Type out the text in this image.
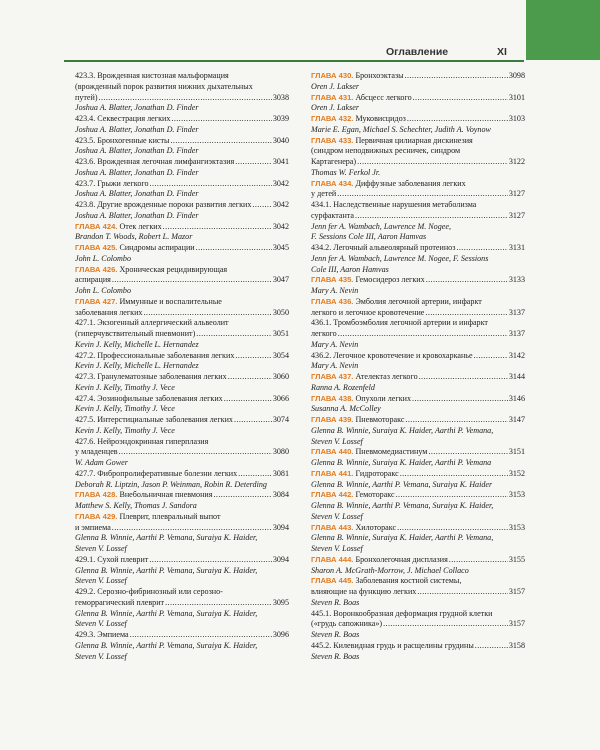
Оглавление	XI
423.3. Врожденная кистозная мальформация
(врожденный порок развития нижних дыхательных
путей) .....	3038
Joshua A. Blatter, Jonathan D. Finder
423.4. Секвестрация легких .....	3039
Joshua A. Blatter, Jonathan D. Finder
423.5. Бронхогенные кисты .....	3040
Joshua A. Blatter, Jonathan D. Finder
423.6. Врожденная легочная лимфангиэктазия .....	3041
Joshua A. Blatter, Jonathan D. Finder
423.7. Грыжи легкого .....	3042
Joshua A. Blatter, Jonathan D. Finder
423.8. Другие врожденные пороки развития легких .....	3042
Joshua A. Blatter, Jonathan D. Finder
ГЛАВА 424. Отек легких .....	3042
Brandon T. Woods, Robert L. Mazor
ГЛАВА 425. Синдромы аспирации .....	3045
John L. Colombo
ГЛАВА 426. Хроническая рецидивирующая
аспирация .....	3047
John L. Colombo
ГЛАВА 427. Иммунные и воспалительные
заболевания легких .....	3050
427.1. Экзогенный аллергический альвеолит
(гиперчувствительный пневмонит) .....	3051
Kevin J. Kelly, Michelle L. Hernandez
427.2. Профессиональные заболевания легких .....	3054
Kevin J. Kelly, Michelle L. Hernandez
427.3. Гранулематозные заболевания легких .....	3060
Kevin J. Kelly, Timothy J. Vece
427.4. Эозинофильные заболевания легких .....	3066
Kevin J. Kelly, Timothy J. Vece
427.5. Интерстициальные заболевания легких .....	3074
Kevin J. Kelly, Timothy J. Vece
427.6. Нейроэндокринная гиперплазия
у младенцев .....	3080
W. Adam Gower
427.7. Фибропролиферативные болезни легких .....	3081
Deborah R. Liptzin, Jason P. Weinman, Robin R. Deterding
ГЛАВА 428. Внебольничная пневмония .....	3084
Matthew S. Kelly, Thomas J. Sandora
ГЛАВА 429. Плеврит, плевральный выпот
и эмпиема .....	3094
Glenna B. Winnie, Aarthi P. Vemana, Suraiya K. Haider,
Steven V. Lossef
429.1. Сухой плеврит .....	3094
Glenna B. Winnie, Aarthi P. Vemana, Suraiya K. Haider,
Steven V. Lossef
429.2. Серозно-фибринозный или серозно-
геморрагический плеврит .....	3095
Glenna B. Winnie, Aarthi P. Vemana, Suraiya K. Haider,
Steven V. Lossef
429.3. Эмпиема .....	3096
Glenna B. Winnie, Aarthi P. Vemana, Suraiya K. Haider,
Steven V. Lossef
ГЛАВА 430. Бронхоэктазы .....	3098
Oren J. Lakser
ГЛАВА 431. Абсцесс легкого .....	3101
Oren J. Lakser
ГЛАВА 432. Муковисцидоз .....	3103
Marie E. Egan, Michael S. Schechter, Judith A. Voynow
ГЛАВА 433. Первичная цилиарная дискинезия
(синдром неподвижных ресничек, синдром
Картагенера) .....	3122
Thomas W. Ferkol Jr.
ГЛАВА 434. Диффузные заболевания легких
у детей .....	3127
434.1. Наследственные нарушения метаболизма
сурфактанта .....	3127
Jenn fer A. Wambach, Lawrence M. Nogee,
F. Sessions Cole III, Aaron Hamvas
434.2. Легочный альвеолярный протеиноз .....	3131
Jenn fer A. Wambach, Lawrence M. Nogee, F. Sessions
Cole III, Aaron Hamvas
ГЛАВА 435. Гемосидероз легких .....	3133
Mary A. Nevin
ГЛАВА 436. Эмболия легочной артерии, инфаркт
легкого и легочное кровотечение .....	3137
436.1. Тромбоэмболия легочной артерии и инфаркт
легкого .....	3137
Mary A. Nevin
436.2. Легочное кровотечение и кровохарканье .....	3142
Mary A. Nevin
ГЛАВА 437. Ателектаз легкого .....	3144
Ranna A. Rozenfeld
ГЛАВА 438. Опухоли легких .....	3146
Susanna A. McColley
ГЛАВА 439. Пневмоторакс .....	3147
Glenna B. Winnie, Suraiya K. Haider, Aarthi P. Vemana,
Steven V. Lossef
ГЛАВА 440. Пневмомедиастинум .....	3151
Glenna B. Winnie, Suraiya K. Haider, Aarthi P. Vemana
ГЛАВА 441. Гидроторакс .....	3152
Glenna B. Winnie, Aarthi P. Vemana, Suraiya K. Haider
ГЛАВА 442. Гемоторакс .....	3153
Glenna B. Winnie, Aarthi P. Vemana, Suraiya K. Haider,
Steven V. Lossef
ГЛАВА 443. Хилоторакс .....	3153
Glenna B. Winnie, Suraiya K. Haider, Aarthi P. Vemana,
Steven V. Lossef
ГЛАВА 444. Бронхолегочная дисплазия .....	3155
Sharon A. McGrath-Morrow, J. Michael Collaco
ГЛАВА 445. Заболевания костной системы,
влияющие на функцию легких .....	3157
Steven R. Boas
445.1. Воронкообразная деформация грудной клетки
(«грудь сапожника») .....	3157
Steven R. Boas
445.2. Килевидная грудь и расщелины грудины .....	3158
Steven R. Boas
